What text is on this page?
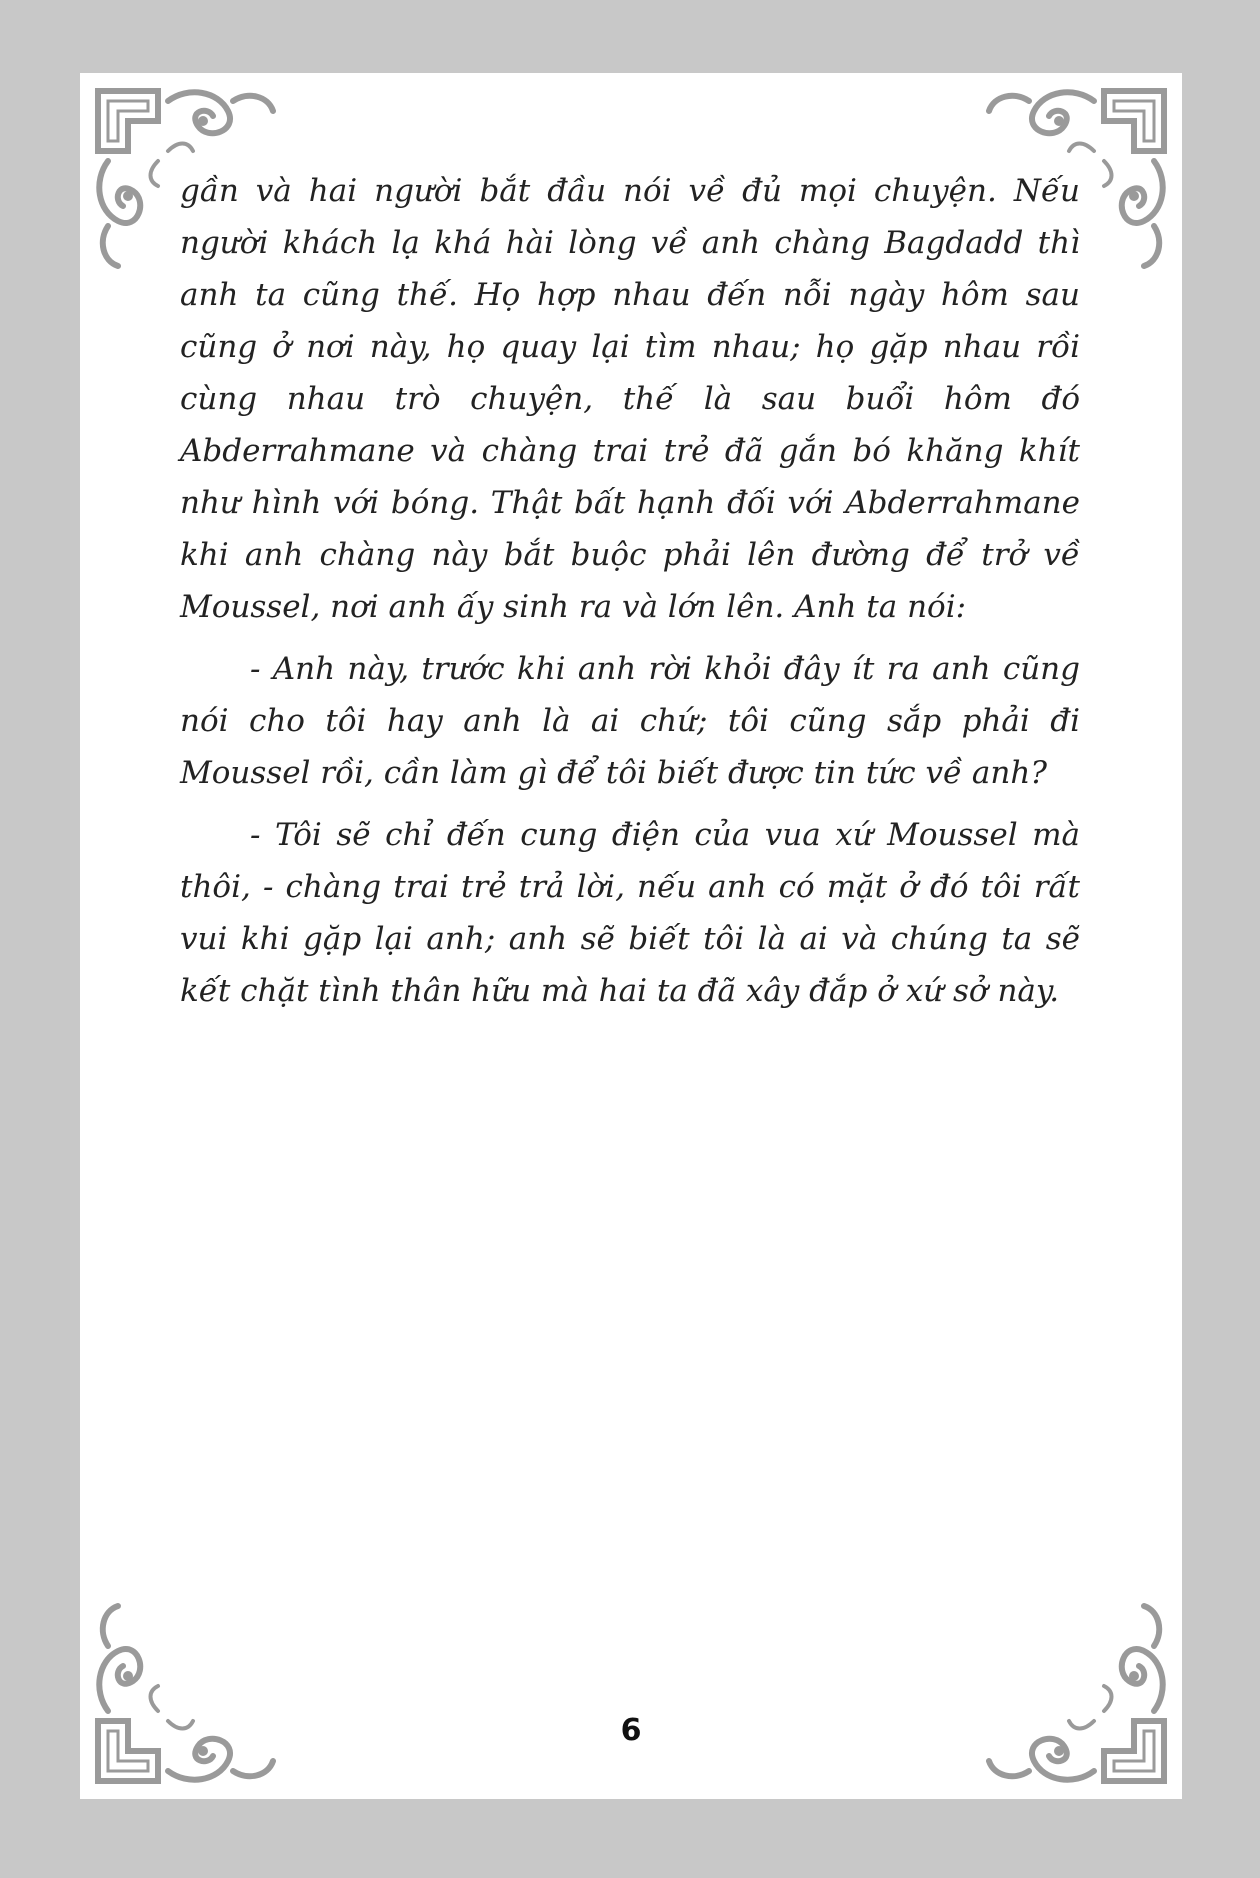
gần và hai người bắt đầu nói về đủ mọi chuyện. Nếu người khách lạ khá hài lòng về anh chàng Bagdadd thì anh ta cũng thế. Họ hợp nhau đến nỗi ngày hôm sau cũng ở nơi này, họ quay lại tìm nhau; họ gặp nhau rồi cùng nhau trò chuyện, thế là sau buổi hôm đó Abderrahmane và chàng trai trẻ đã gắn bó khăng khít như hình với bóng. Thật bất hạnh đối với Abderrahmane khi anh chàng này bắt buộc phải lên đường để trở về Moussel, nơi anh ấy sinh ra và lớn lên. Anh ta nói:

- Anh này, trước khi anh rời khỏi đây ít ra anh cũng nói cho tôi hay anh là ai chứ; tôi cũng sắp phải đi Moussel rồi, cần làm gì để tôi biết được tin tức về anh?

- Tôi sẽ chỉ đến cung điện của vua xứ Moussel mà thôi, - chàng trai trẻ trả lời, nếu anh có mặt ở đó tôi rất vui khi gặp lại anh; anh sẽ biết tôi là ai và chúng ta sẽ kết chặt tình thân hữu mà hai ta đã xây đắp ở xứ sở này.

6
